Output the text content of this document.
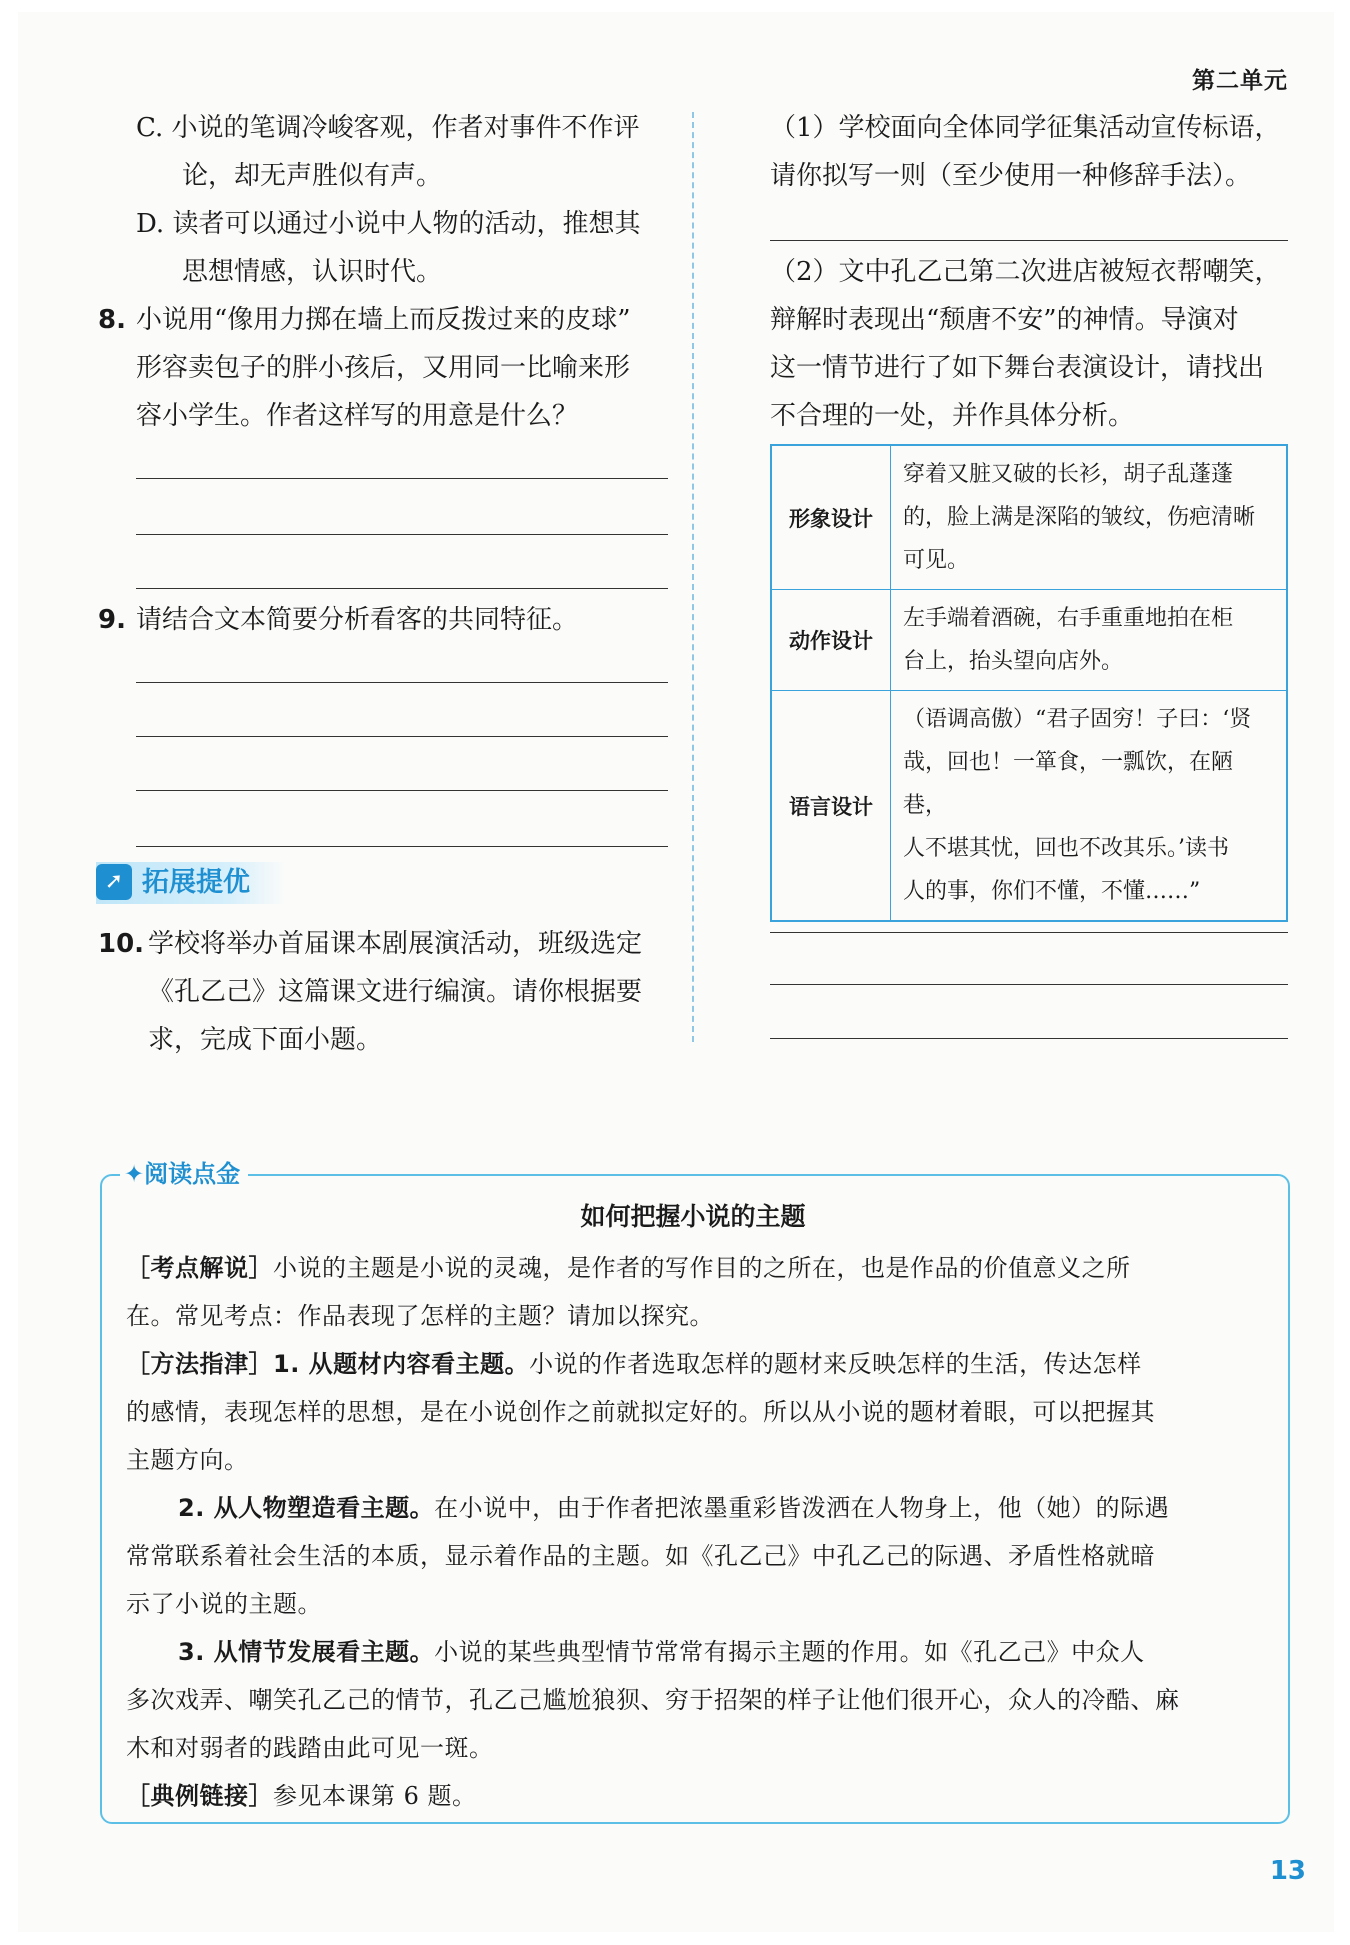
第二单元
C. 小说的笔调冷峻客观，作者对事件不作评
论，却无声胜似有声。
D. 读者可以通过小说中人物的活动，推想其
思想情感，认识时代。
8. 小说用“像用力掷在墙上而反拨过来的皮球”
形容卖包子的胖小孩后，又用同一比喻来形
容小学生。作者这样写的用意是什么？
9. 请结合文本简要分析看客的共同特征。
➚ 拓展提优
10. 学校将举办首届课本剧展演活动，班级选定
《孔乙己》这篇课文进行编演。请你根据要
求，完成下面小题。
（1）学校面向全体同学征集活动宣传标语，
请你拟写一则（至少使用一种修辞手法）。
（2）文中孔乙己第二次进店被短衣帮嘲笑，
辩解时表现出“颓唐不安”的神情。导演对
这一情节进行了如下舞台表演设计，请找出
不合理的一处，并作具体分析。
形象设计	穿着又脏又破的长衫，胡子乱蓬蓬
的，脸上满是深陷的皱纹，伤疤清晰
可见。

动作设计	左手端着酒碗，右手重重地拍在柜
台上，抬头望向店外。

语言设计	（语调高傲）“君子固穷！子曰：‘贤
哉，回也！一箪食，一瓢饮，在陋巷，
人不堪其忧，回也不改其乐。’读书
人的事，你们不懂，不懂……”
✦阅读点金
如何把握小说的主题
［考点解说］小说的主题是小说的灵魂，是作者的写作目的之所在，也是作品的价值意义之所
在。常见考点：作品表现了怎样的主题？请加以探究。
［方法指津］1. 从题材内容看主题。小说的作者选取怎样的题材来反映怎样的生活，传达怎样
的感情，表现怎样的思想，是在小说创作之前就拟定好的。所以从小说的题材着眼，可以把握其
主题方向。
2. 从人物塑造看主题。在小说中，由于作者把浓墨重彩皆泼洒在人物身上，他（她）的际遇
常常联系着社会生活的本质，显示着作品的主题。如《孔乙己》中孔乙己的际遇、矛盾性格就暗
示了小说的主题。
3. 从情节发展看主题。小说的某些典型情节常常有揭示主题的作用。如《孔乙己》中众人
多次戏弄、嘲笑孔乙己的情节，孔乙己尴尬狼狈、穷于招架的样子让他们很开心，众人的冷酷、麻
木和对弱者的践踏由此可见一斑。
［典例链接］参见本课第 6 题。
13
